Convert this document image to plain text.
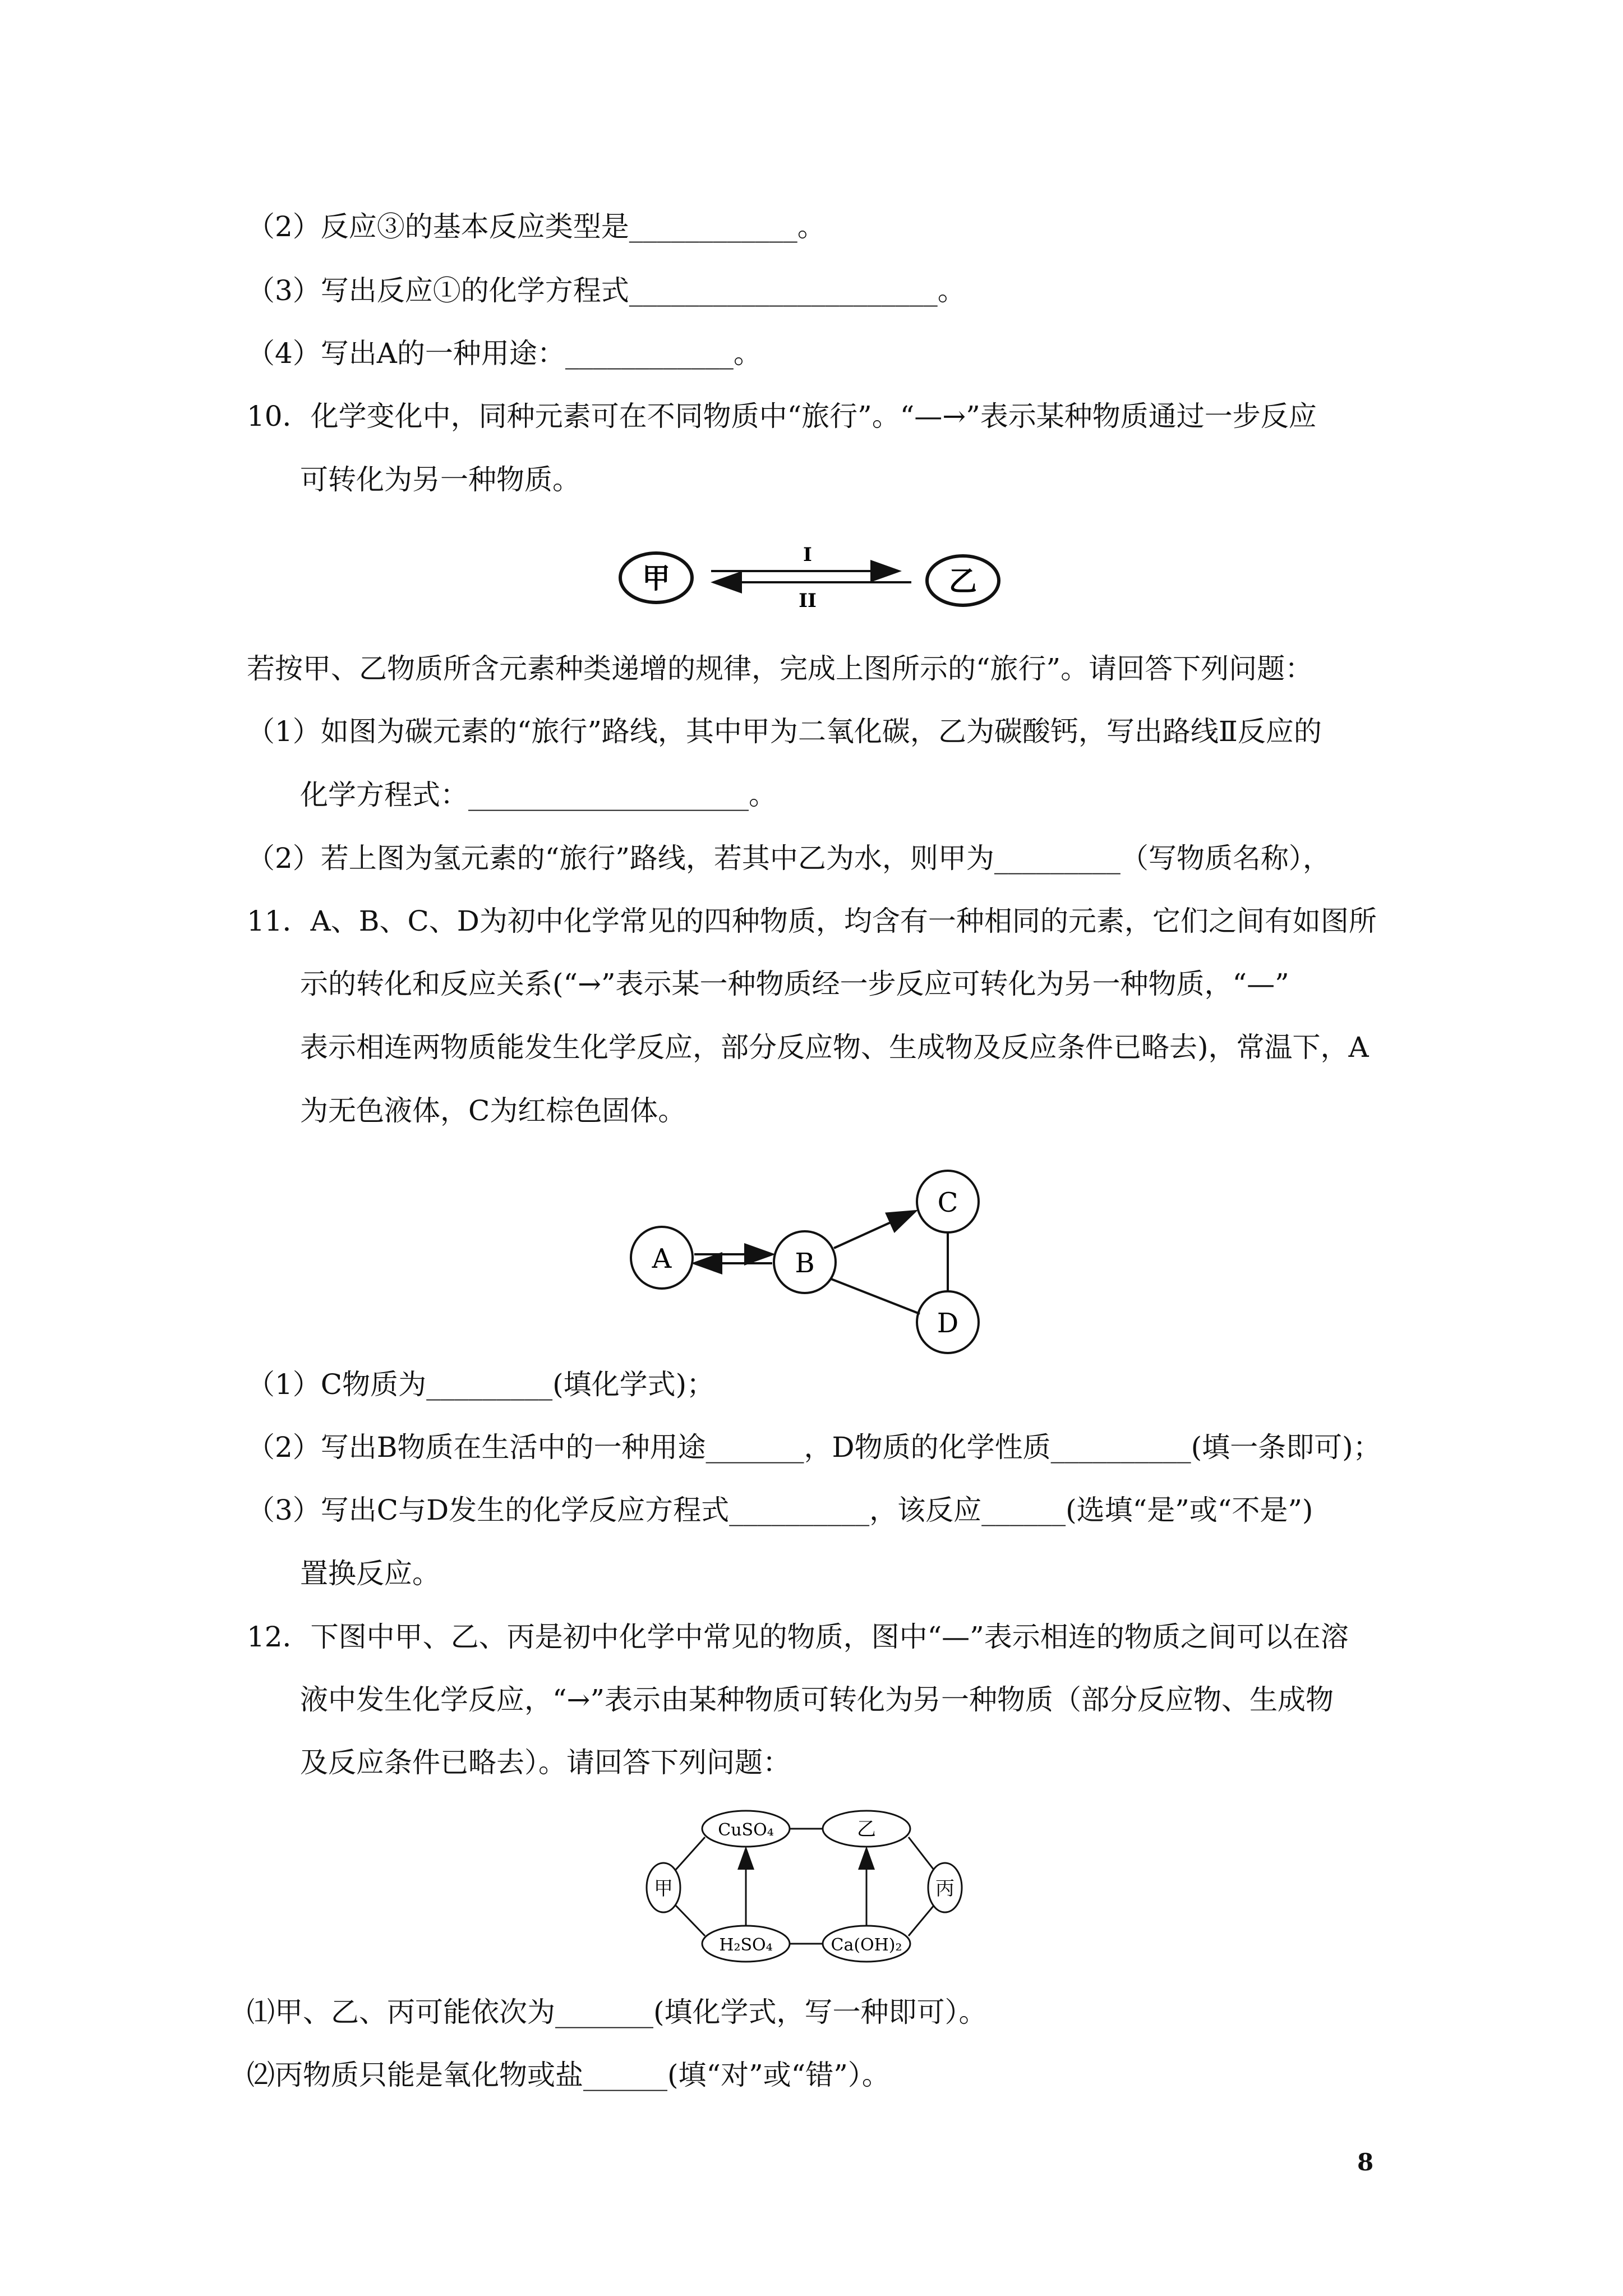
（2）反应③的基本反应类型是____________。
（3）写出反应①的化学方程式______________________。
（4）写出A的一种用途：____________。
10．化学变化中，同种元素可在不同物质中“旅行”。“—→”表示某种物质通过一步反应
可转化为另一种物质。
甲
I
II
乙
若按甲、乙物质所含元素种类递增的规律，完成上图所示的“旅行”。请回答下列问题：
（1）如图为碳元素的“旅行”路线，其中甲为二氧化碳，乙为碳酸钙，写出路线Ⅱ反应的
化学方程式：____________________。
（2）若上图为氢元素的“旅行”路线，若其中乙为水，则甲为_________（写物质名称），
11．A、B、C、D为初中化学常见的四种物质，均含有一种相同的元素，它们之间有如图所
示的转化和反应关系(“→”表示某一种物质经一步反应可转化为另一种物质，“—”
表示相连两物质能发生化学反应，部分反应物、生成物及反应条件已略去)，常温下，A
为无色液体，C为红棕色固体。
A	B
C
D
（1）C物质为_________(填化学式)；
（2）写出B物质在生活中的一种用途_______，D物质的化学性质__________(填一条即可)；
（3）写出C与D发生的化学反应方程式__________，该反应______(选填“是”或“不是”)
置换反应。
12．下图中甲、乙、丙是初中化学中常见的物质，图中“—”表示相连的物质之间可以在溶
液中发生化学反应，“→”表示由某种物质可转化为另一种物质（部分反应物、生成物
及反应条件已略去）。请回答下列问题：
甲
CuSO₄	乙
丙
H₂SO₄	Ca(OH)₂
⑴甲、乙、丙可能依次为_______(填化学式，写一种即可）。
⑵丙物质只能是氧化物或盐______(填“对”或“错”）。
8
